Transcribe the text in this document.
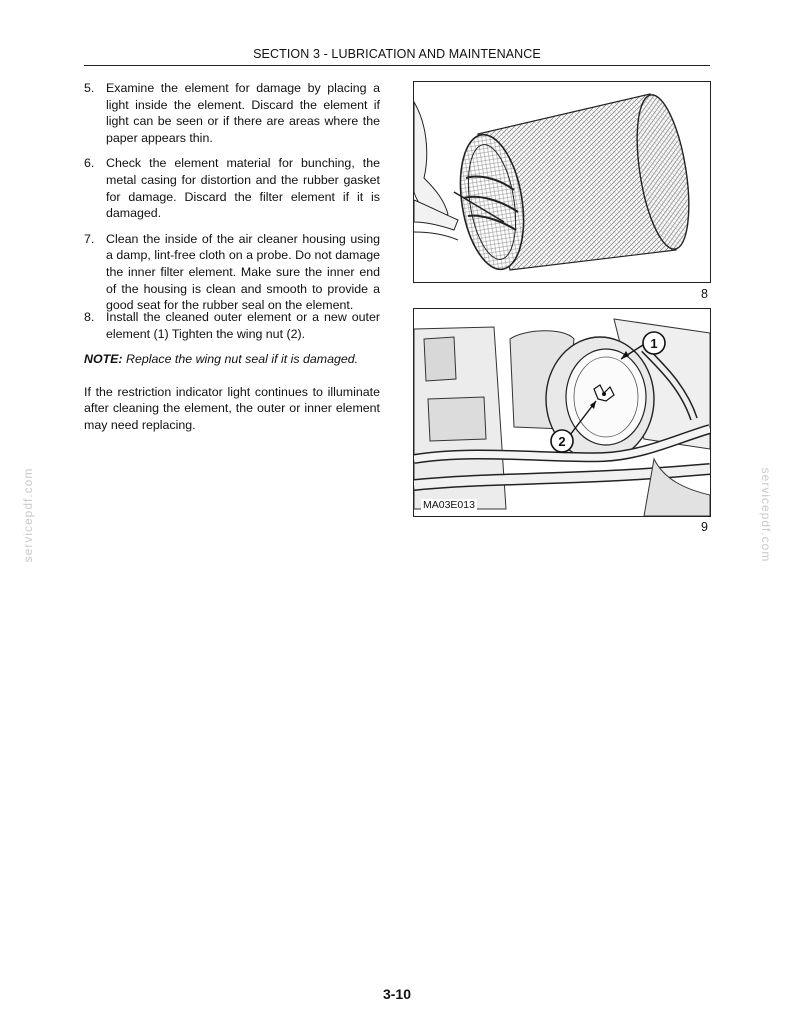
SECTION 3 - LUBRICATION AND MAINTENANCE
5. Examine the element for damage by placing a light inside the element. Discard the element if light can be seen or if there are areas where the paper appears thin.
6. Check the element material for bunching, the metal casing for distortion and the rubber gasket for damage. Discard the filter element if it is damaged.
7. Clean the inside of the air cleaner housing using a damp, lint-free cloth on a probe. Do not damage the inner filter element. Make sure the inner end of the housing is clean and smooth to provide a good seat for the rubber seal on the element.
8. Install the cleaned outer element or a new outer element (1) Tighten the wing nut (2).
NOTE: Replace the wing nut seal if it is damaged.
If the restriction indicator light continues to illuminate after cleaning the element, the outer or inner element may need replacing.
8
1
2
MA03E013
9
servicepdf.com	servicepdf.com
3-10
